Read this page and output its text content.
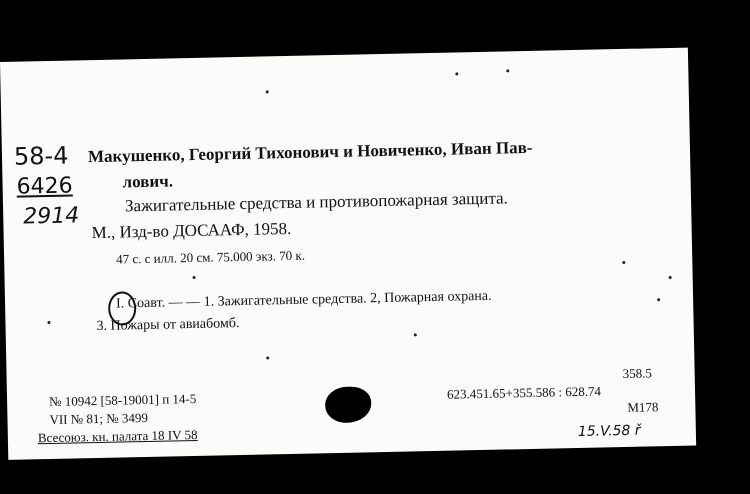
58-4
6426
2914
Макушенко, Георгий Тихонович и Новиченко, Иван Пав-
лович.
Зажигательные средства и противопожарная защита.
М., Изд-во ДОСААФ, 1958.
47 с. с илл. 20 см. 75.000 экз. 70 к.
I. Соавт. — — 1. Зажигательные средства. 2, Пожарная охрана.
3. Пожары от авиабомб.
№ 10942 [58-19001] п 14-5
VII № 81; № 3499
Всесоюз. кн. палата 18 IV 58
358.5
623.451.65+355.586 : 628.74
М178
15.V.58 ř
